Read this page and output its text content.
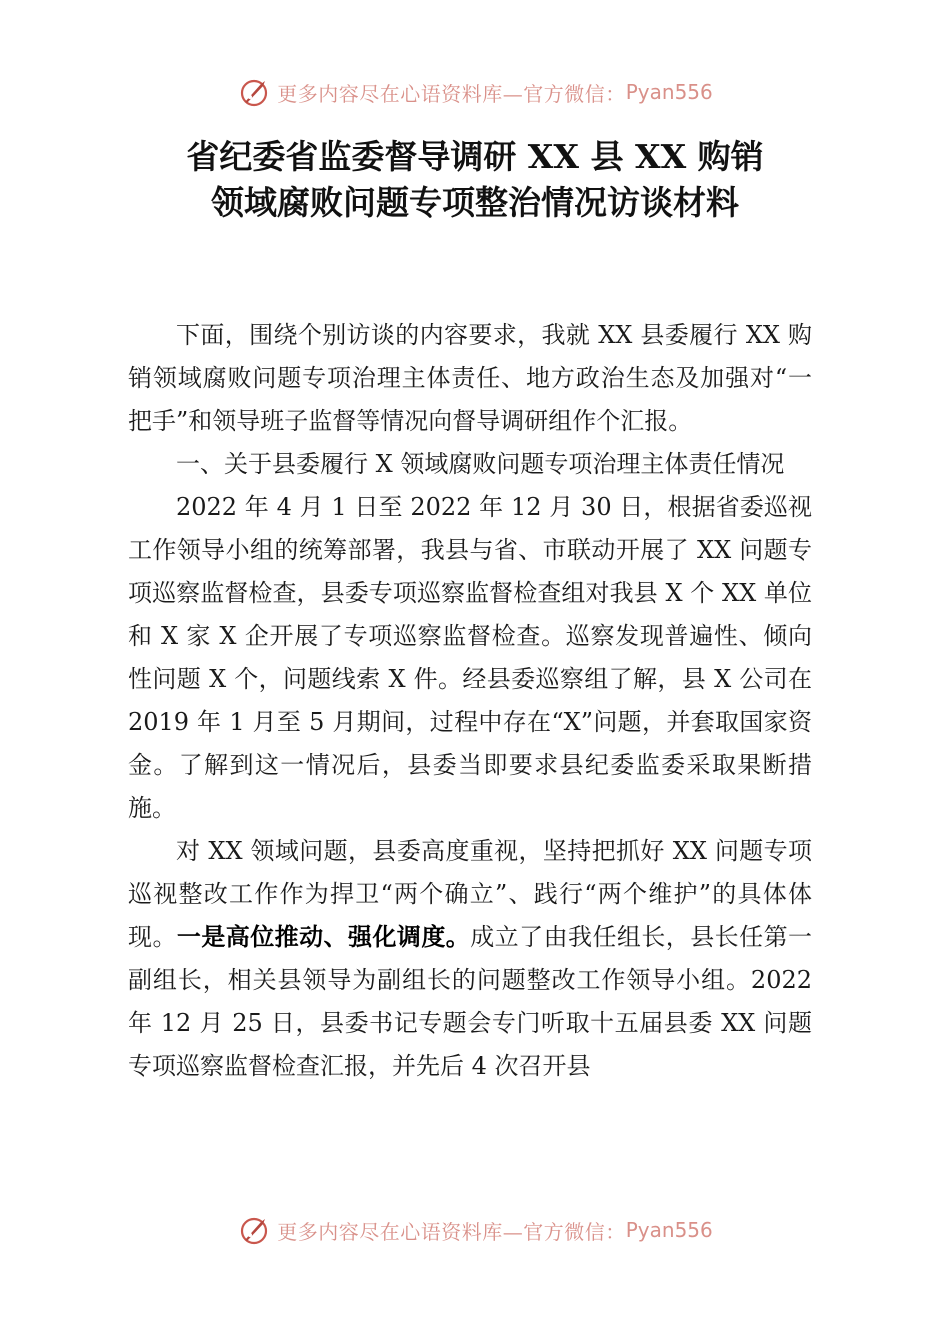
更多内容尽在心语资料库—官方微信： Pyan556
省纪委省监委督导调研 XX 县 XX 购销
领域腐败问题专项整治情况访谈材料

下面，围绕个别访谈的内容要求，我就 XX 县委履行 XX 购销领域腐败问题专项治理主体责任、地方政治生态及加强对“一把手”和领导班子监督等情况向督导调研组作个汇报。

一、关于县委履行 X 领域腐败问题专项治理主体责任情况

2022 年 4 月 1 日至 2022 年 12 月 30 日，根据省委巡视工作领导小组的统筹部署，我县与省、市联动开展了 XX 问题专项巡察监督检查，县委专项巡察监督检查组对我县 X 个 XX 单位和 X 家 X 企开展了专项巡察监督检查。巡察发现普遍性、倾向性问题 X 个，问题线索 X 件。经县委巡察组了解，县 X 公司在 2019 年 1 月至 5 月期间，过程中存在“X”问题，并套取国家资金。了解到这一情况后，县委当即要求县纪委监委采取果断措施。

对 XX 领域问题，县委高度重视，坚持把抓好 XX 问题专项巡视整改工作作为捍卫“两个确立”、践行“两个维护”的具体体现。一是高位推动、强化调度。成立了由我任组长，县长任第一副组长，相关县领导为副组长的问题整改工作领导小组。2022 年 12 月 25 日，县委书记专题会专门听取十五届县委 XX 问题专项巡察监督检查汇报，并先后 4 次召开县

更多内容尽在心语资料库—官方微信： Pyan556
